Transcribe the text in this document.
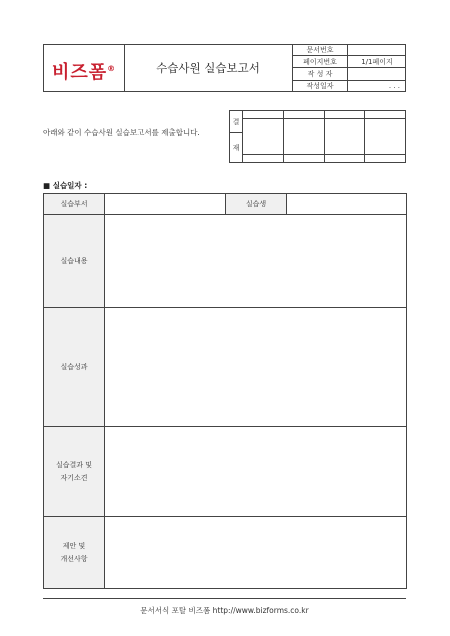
비즈폼®	수습사원 실습보고서
문서번호	
페이지번호	1/1페이지
작 성 자	
작성일자	. . .
아래와 같이 수습사원 실습보고서를 제출합니다.
결				

재				

■ 실습일자 :
실습부서		실습생	
실습내용			
실습성과			
실습결과 및
자기소견			
제안 및
개선사항			
문서서식 포탈 비즈폼 http://www.bizforms.co.kr
